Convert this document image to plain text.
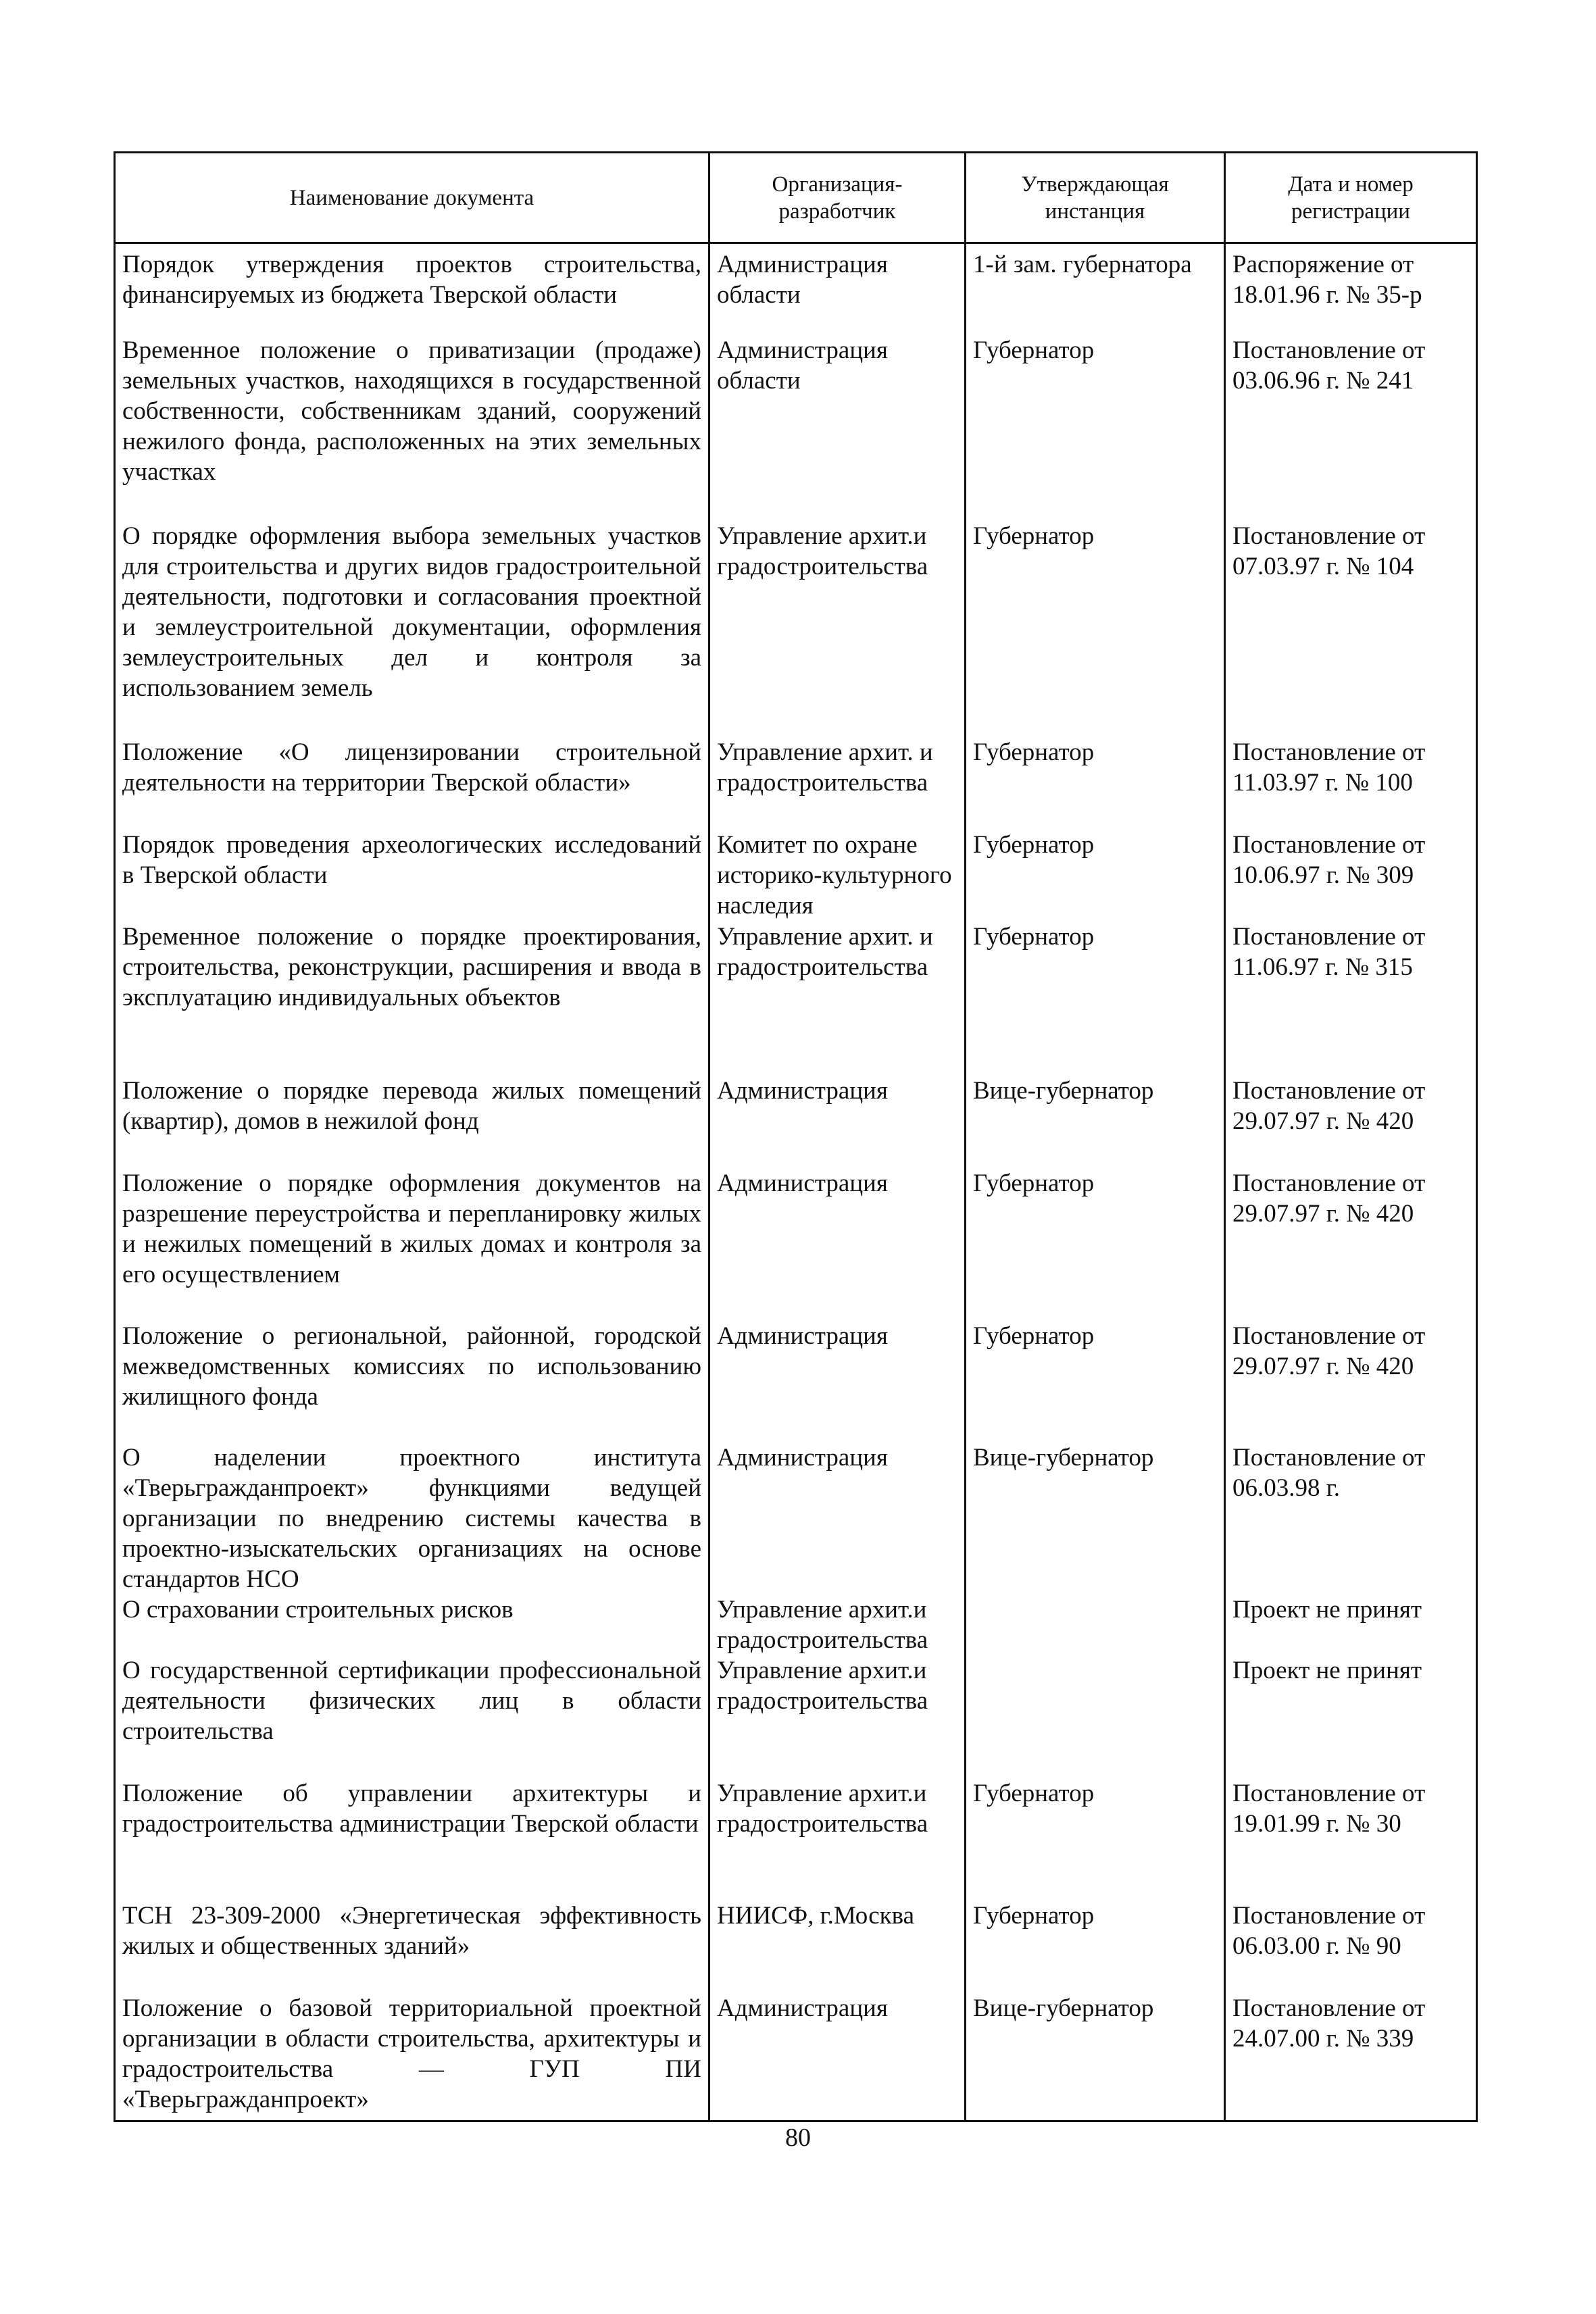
Наименование документа	Организация-разработчик	Утверждающая инстанция	Дата и номер регистрации
Порядок утверждения проектов строительства, финансируемых из бюджета Тверской области	Администрация области	1-й зам. губернатора	Распоряжение от 18.01.96 г. № 35-р
Временное положение о приватизации (продаже) земельных участков, находящихся в государственной собственности, собственникам зданий, сооружений нежилого фонда, расположенных на этих земельных участках	Администрация области	Губернатор	Постановление от 03.06.96 г. № 241
О порядке оформления выбора земельных участков для строительства и других видов градостроительной деятельности, подготовки и согласования проектной и землеустроительной документации, оформления землеустроительных дел и контроля за использованием земель	Управление архит.и градостроительства	Губернатор	Постановление от 07.03.97 г. № 104
Положение «О лицензировании строительной деятельности на территории Тверской области»	Управление архит. и градостроительства	Губернатор	Постановление от 11.03.97 г. № 100
Порядок проведения археологических исследований в Тверской области	Комитет по охране историко-культурного наследия	Губернатор	Постановление от 10.06.97 г. № 309
Временное положение о порядке проектирования, строительства, реконструкции, расширения и ввода в эксплуатацию индивидуальных объектов	Управление архит. и градостроительства	Губернатор	Постановление от 11.06.97 г. № 315
Положение о порядке перевода жилых помещений (квартир), домов в нежилой фонд	Администрация	Вице-губернатор	Постановление от 29.07.97 г. № 420
Положение о порядке оформления документов на разрешение переустройства и перепланировку жилых и нежилых помещений в жилых домах и контроля за его осуществлением	Администрация	Губернатор	Постановление от 29.07.97 г. № 420
Положение о региональной, районной, городской межведомственных комиссиях по использованию жилищного фонда	Администрация	Губернатор	Постановление от 29.07.97 г. № 420
О наделении проектного института «Тверьгражданпроект» функциями ведущей организации по внедрению системы качества в проектно-изыскательских организациях на основе стандартов НСО	Администрация	Вице-губернатор	Постановление от 06.03.98 г.
О страховании строительных рисков	Управление архит.и градостроительства		Проект не принят
О государственной сертификации профессиональной деятельности физических лиц в области строительства	Управление архит.и градостроительства		Проект не принят
Положение об управлении архитектуры и градостроительства администрации Тверской области	Управление архит.и градостроительства	Губернатор	Постановление от 19.01.99 г. № 30
ТСН 23-309-2000 «Энергетическая эффективность жилых и общественных зданий»	НИИСФ, г.Москва	Губернатор	Постановление от 06.03.00 г. № 90
Положение о базовой территориальной проектной организации в области строительства, архитектуры и градостроительства — ГУП ПИ «Тверьгражданпроект»	Администрация	Вице-губернатор	Постановление от 24.07.00 г. № 339
80
